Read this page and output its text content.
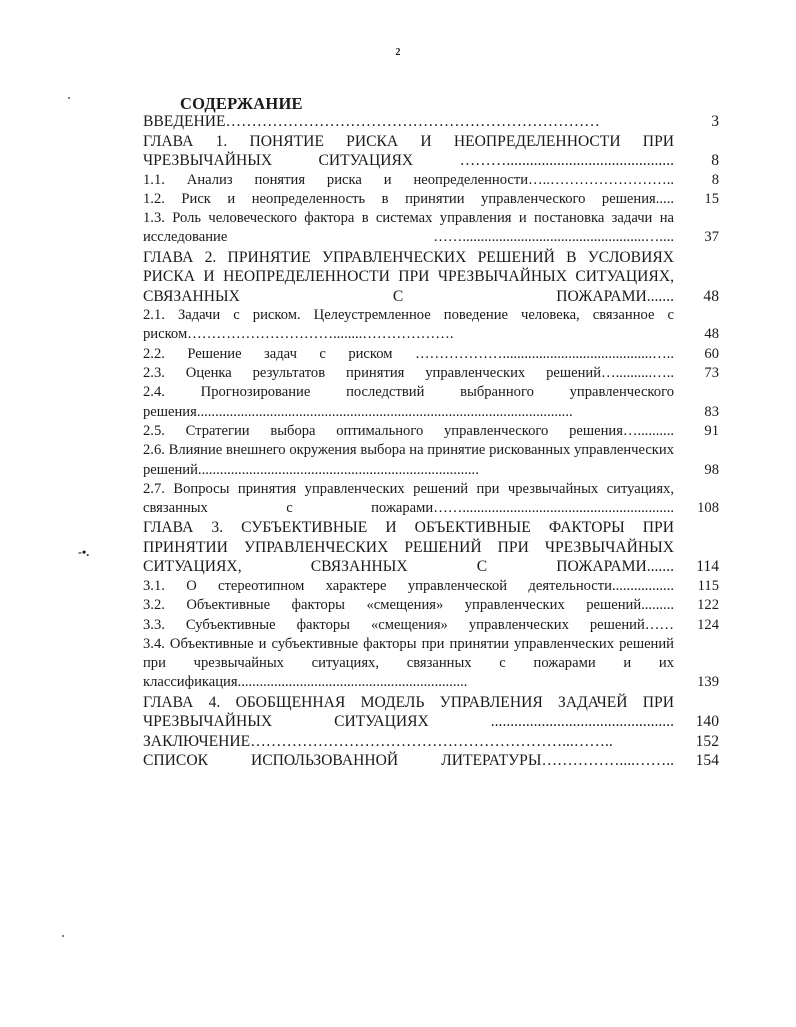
2
СОДЕРЖАНИЕ
-•.
ВВЕДЕНИЕ………………………………………………………………	3
ГЛАВА 1. ПОНЯТИЕ РИСКА И НЕОПРЕДЕЛЕННОСТИ ПРИ ЧРЕЗВЫЧАЙНЫХ СИТУАЦИЯХ ………...........................................	8
1.1. Анализ понятия риска и неопределенности…..……………………..	8
1.2. Риск и неопределенность в принятии управленческого решения.....	15
1.3. Роль человеческого фактора в системах управления и постановка задачи на исследование ……..................................................…....	37
ГЛАВА 2. ПРИНЯТИЕ УПРАВЛЕНЧЕСКИХ РЕШЕНИЙ В УСЛОВИЯХ РИСКА И НЕОПРЕДЕЛЕННОСТИ ПРИ ЧРЕЗВЫЧАЙНЫХ СИТУАЦИЯХ, СВЯЗАННЫХ С ПОЖАРАМИ.......	48
2.1. Задачи с риском. Целеустремленное поведение человека, связанное с риском…………………………........……………….	48
2.2. Решение задач с риском ……………….........................................…..	60
2.3. Оценка результатов принятия управленческих решений…..........…..	73
2.4. Прогнозирование последствий выбранного управленческого решения.......................................................................................................	83
2.5. Стратегии выбора оптимального управленческого решения…..........	91
2.6. Влияние внешнего окружения выбора на принятие рискованных управленческих решений.............................................................................	98
2.7. Вопросы принятия управленческих решений при чрезвычайных ситуациях, связанных с пожарами……..........................................................	108
ГЛАВА 3. СУБЪЕКТИВНЫЕ И ОБЪЕКТИВНЫЕ ФАКТОРЫ ПРИ ПРИНЯТИИ УПРАВЛЕНЧЕСКИХ РЕШЕНИЙ ПРИ ЧРЕЗВЫЧАЙНЫХ СИТУАЦИЯХ, СВЯЗАННЫХ С ПОЖАРАМИ.......	114
3.1. О стереотипном характере управленческой деятельности.................	115
3.2. Объективные факторы «смещения» управленческих решений.........	122
3.3. Субъективные факторы «смещения» управленческих решений……	124
3.4. Объективные и субъективные факторы при принятии управленческих решений при чрезвычайных ситуациях, связанных с пожарами и их классификация...............................................................	139
ГЛАВА 4. ОБОБЩЕННАЯ МОДЕЛЬ УПРАВЛЕНИЯ ЗАДАЧЕЙ ПРИ ЧРЕЗВЫЧАЙНЫХ СИТУАЦИЯХ ...............................................	140
ЗАКЛЮЧЕНИЕ……………………………………………………...……..	152
СПИСОК ИСПОЛЬЗОВАННОЙ ЛИТЕРАТУРЫ……………....……..	154
